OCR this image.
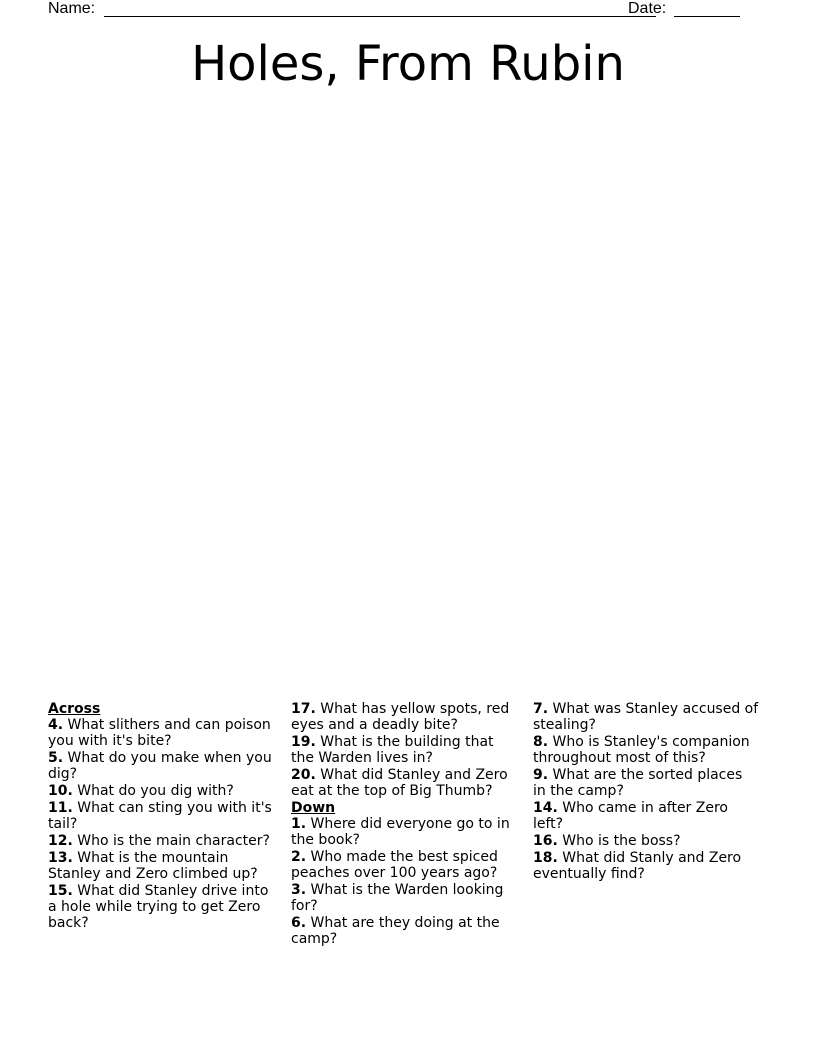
Name:	Date:
Holes, From Rubin
Across
4. What slithers and can poison you with it's bite?
5. What do you make when you dig?
10. What do you dig with?
11. What can sting you with it's tail?
12. Who is the main character?
13. What is the mountain Stanley and Zero climbed up?
15. What did Stanley drive into a hole while trying to get Zero back?
17. What has yellow spots, red eyes and a deadly bite?
19. What is the building that the Warden lives in?
20. What did Stanley and Zero eat at the top of Big Thumb?
Down
1. Where did everyone go to in the book?
2. Who made the best spiced peaches over 100 years ago?
3. What is the Warden looking for?
6. What are they doing at the camp?
7. What was Stanley accused of stealing?
8. Who is Stanley's companion throughout most of this?
9. What are the sorted places in the camp?
14. Who came in after Zero left?
16. Who is the boss?
18. What did Stanly and Zero eventually find?
